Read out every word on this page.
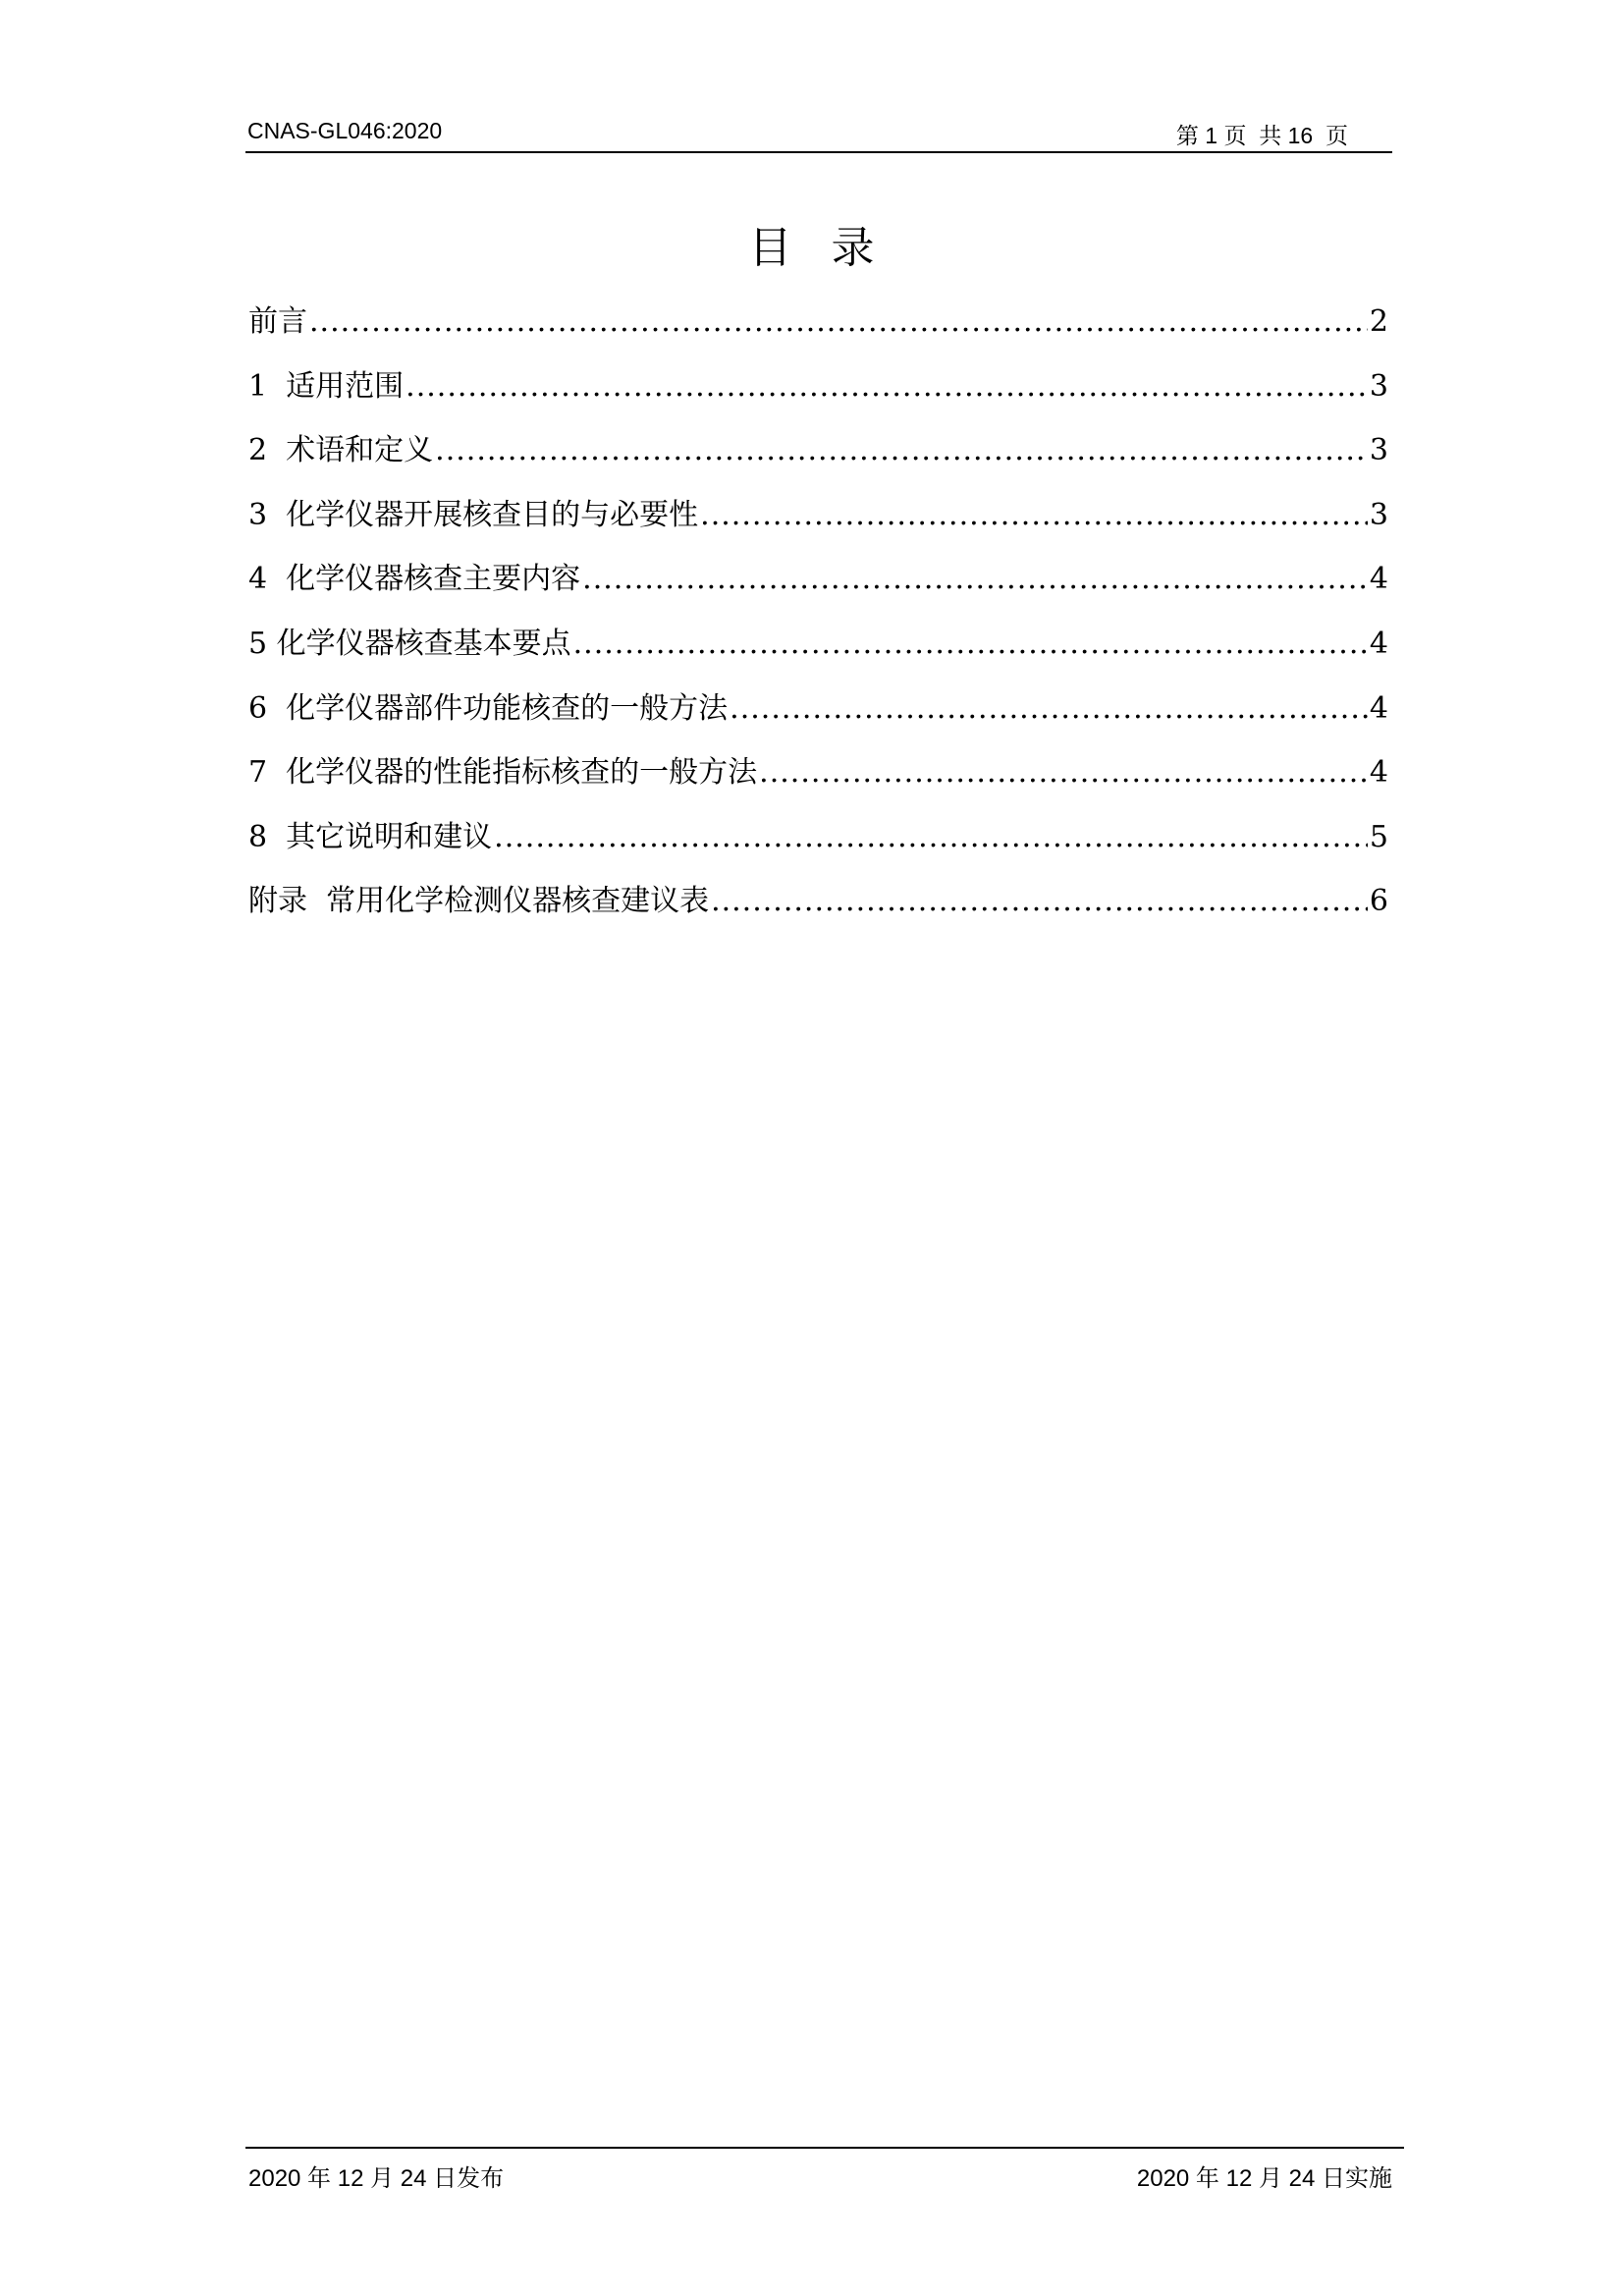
CNAS-GL046:2020	第 1 页  共 16  页
目录
前言 .....	2
1  适用范围 .....	3
2  术语和定义 .....	3
3  化学仪器开展核查目的与必要性 .....	3
4  化学仪器核查主要内容 .....	4
5 化学仪器核查基本要点 .....	4
6  化学仪器部件功能核查的一般方法 .....	4
7  化学仪器的性能指标核查的一般方法 .....	4
8  其它说明和建议 .....	5
附录  常用化学检测仪器核查建议表 .....	6
2020 年 12 月 24 日发布	2020 年 12 月 24 日实施
